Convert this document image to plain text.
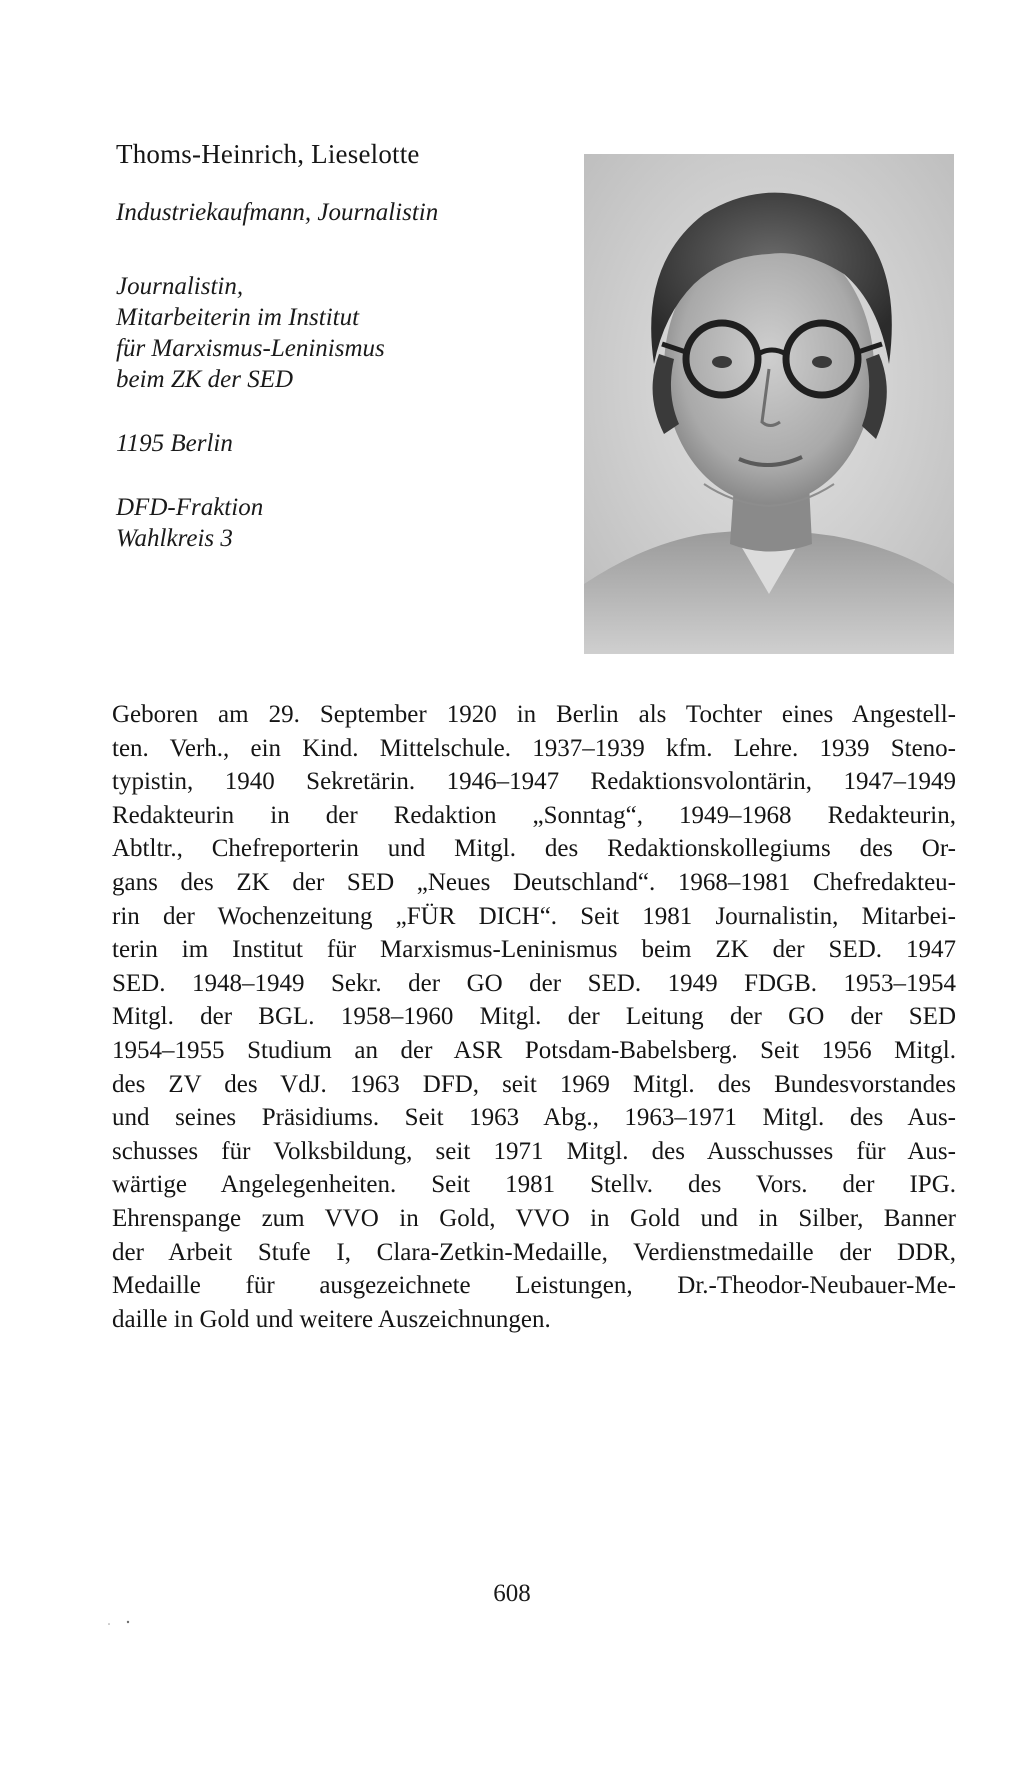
Thoms-Heinrich, Lieselotte
Industriekaufmann, Journalistin
Journalistin,
Mitarbeiterin im Institut
für Marxismus-Leninismus
beim ZK der SED
1195 Berlin
DFD-Fraktion
Wahlkreis 3
Geboren am 29. September 1920 in Berlin als Tochter eines Angestell-
ten. Verh., ein Kind. Mittelschule. 1937–1939 kfm. Lehre. 1939 Steno-
typistin, 1940 Sekretärin. 1946–1947 Redaktionsvolontärin, 1947–1949
Redakteurin in der Redaktion „Sonntag“, 1949–1968 Redakteurin,
Abtltr., Chefreporterin und Mitgl. des Redaktionskollegiums des Or-
gans des ZK der SED „Neues Deutschland“. 1968–1981 Chefredakteu-
rin der Wochenzeitung „FÜR DICH“. Seit 1981 Journalistin, Mitarbei-
terin im Institut für Marxismus-Leninismus beim ZK der SED. 1947
SED. 1948–1949 Sekr. der GO der SED. 1949 FDGB. 1953–1954
Mitgl. der BGL. 1958–1960 Mitgl. der Leitung der GO der SED
1954–1955 Studium an der ASR Potsdam-Babelsberg. Seit 1956 Mitgl.
des ZV des VdJ. 1963 DFD, seit 1969 Mitgl. des Bundesvorstandes
und seines Präsidiums. Seit 1963 Abg., 1963–1971 Mitgl. des Aus-
schusses für Volksbildung, seit 1971 Mitgl. des Ausschusses für Aus-
wärtige Angelegenheiten. Seit 1981 Stellv. des Vors. der IPG.
Ehrenspange zum VVO in Gold, VVO in Gold und in Silber, Banner
der Arbeit Stufe I, Clara-Zetkin-Medaille, Verdienstmedaille der DDR,
Medaille für ausgezeichnete Leistungen, Dr.-Theodor-Neubauer-Me-
daille in Gold und weitere Auszeichnungen.
608
